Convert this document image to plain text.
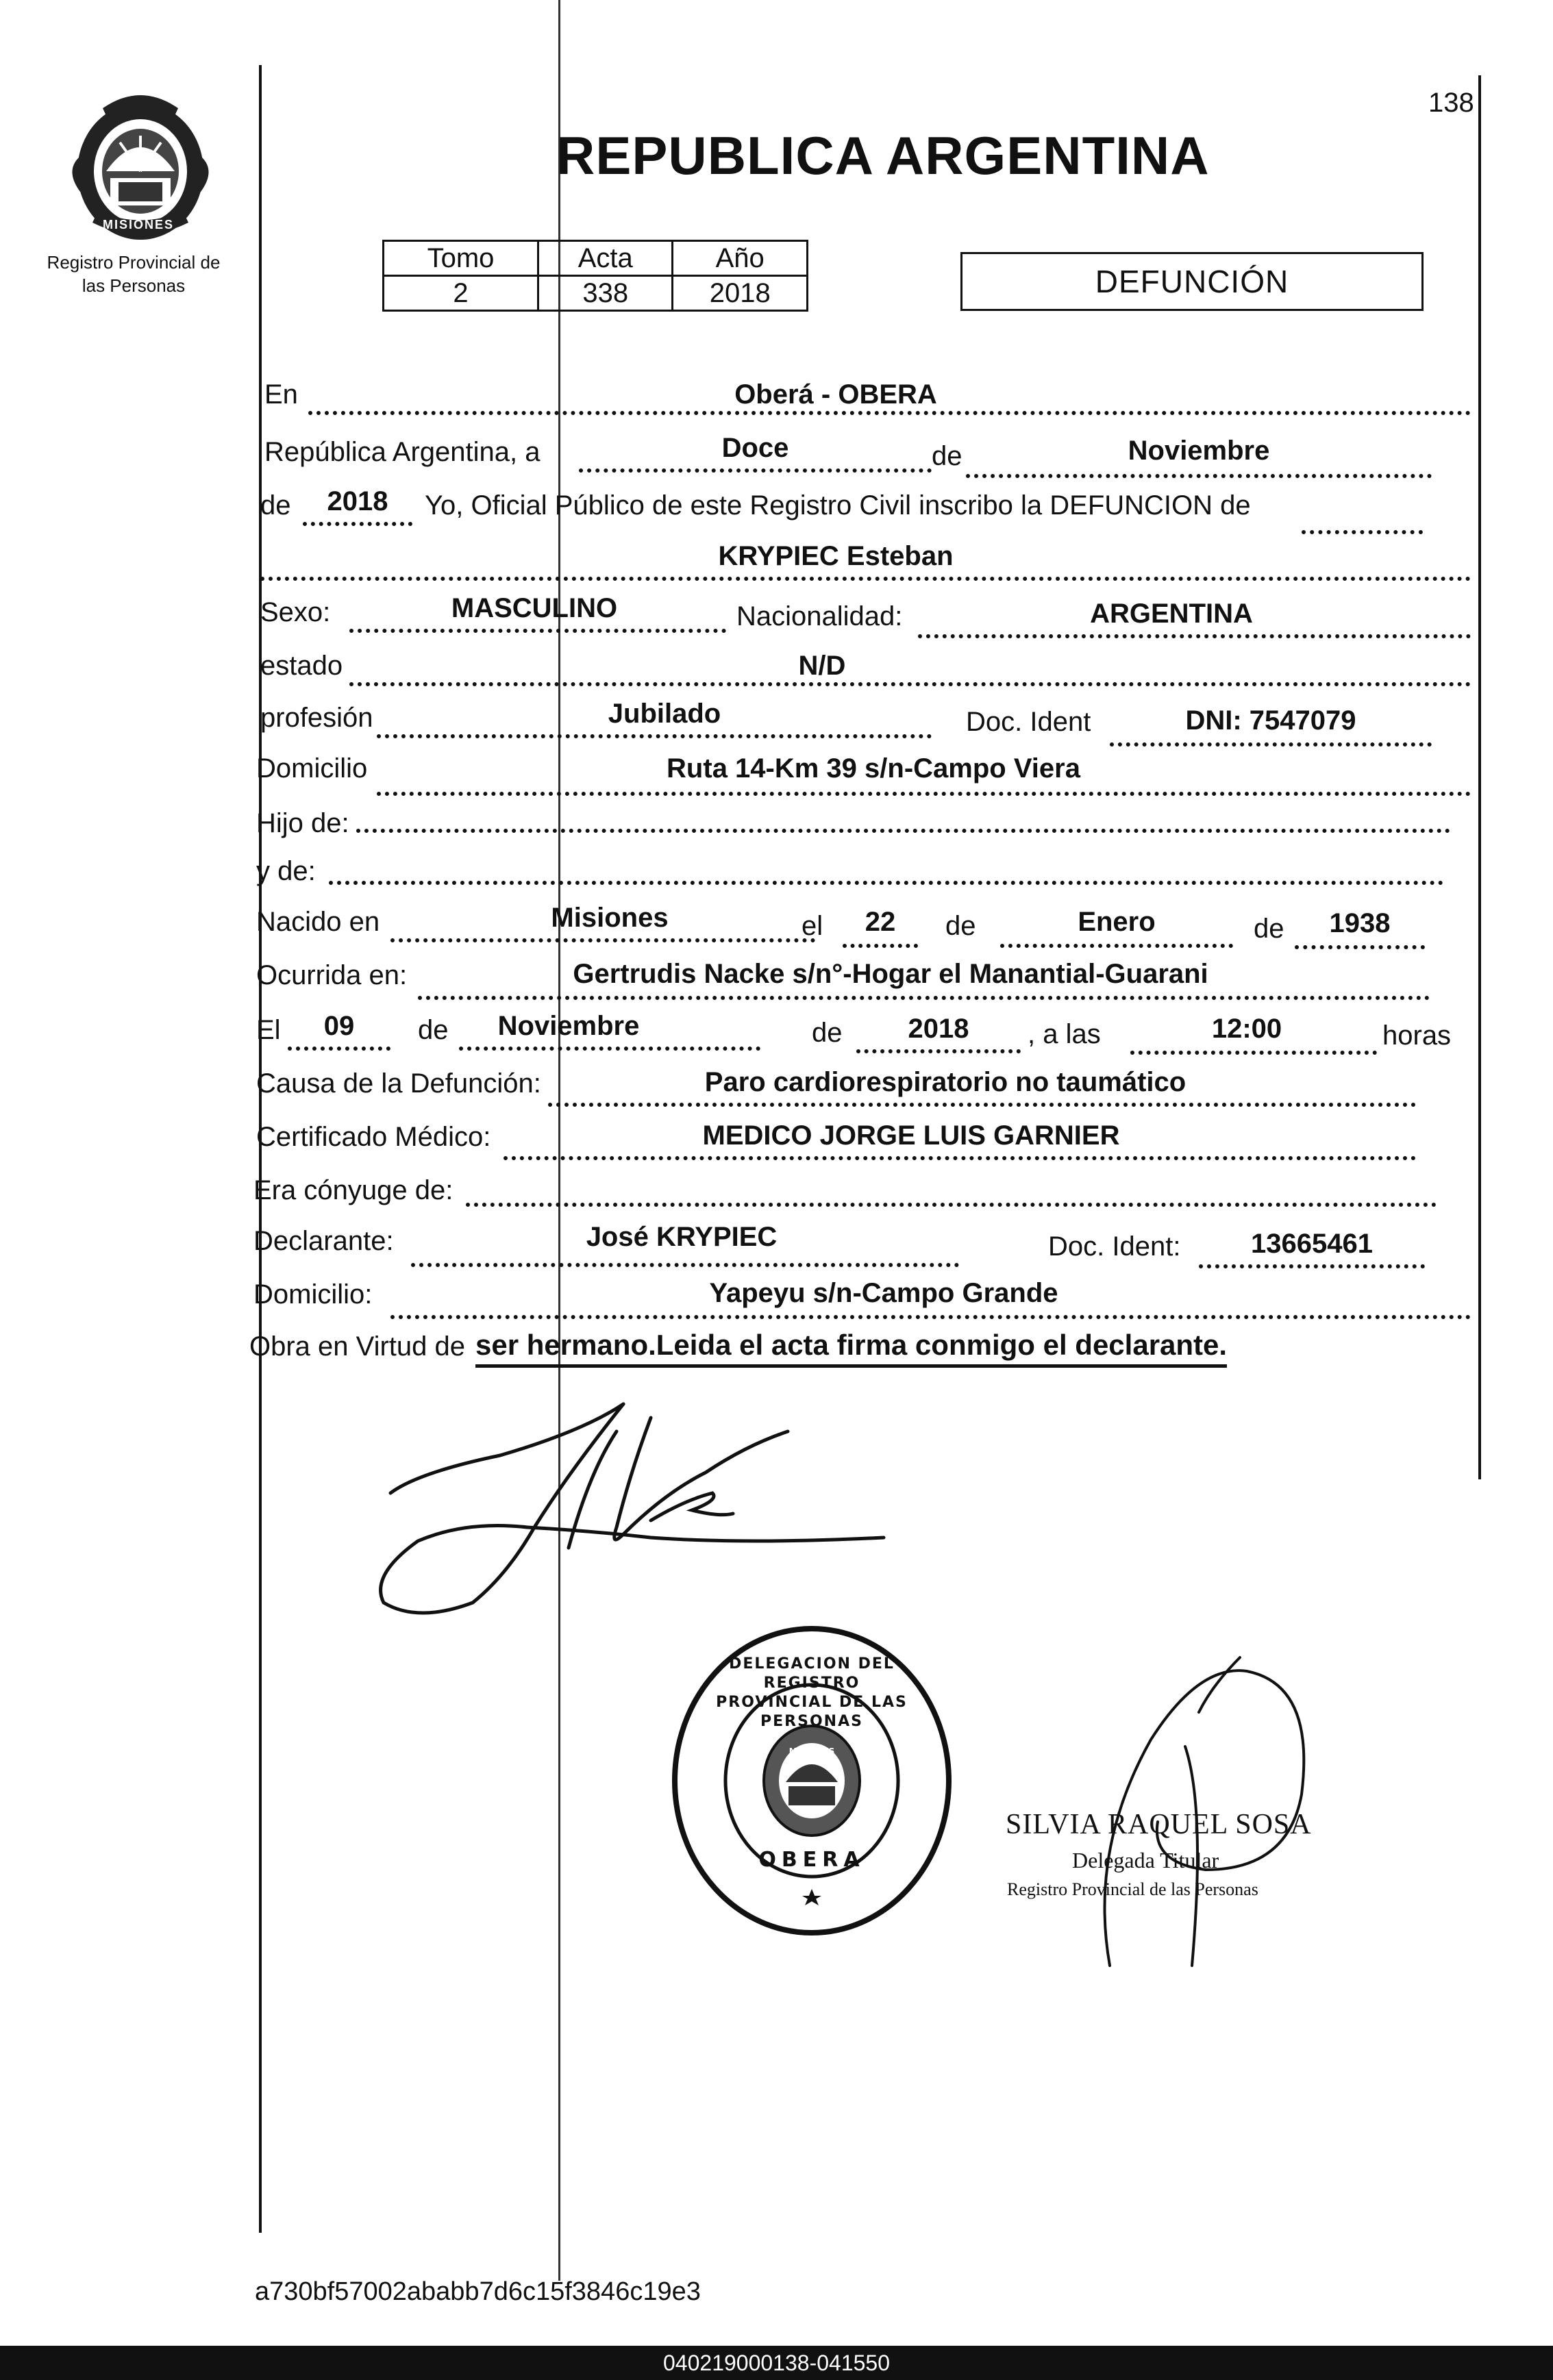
138
PROVINCIA DE
MISIONES
Registro Provincial de
las Personas
REPUBLICA ARGENTINA
Tomo	Acta	Año
2	338	2018	DEFUNCIÓN
En	Oberá - OBERA
República Argentina, a	Doce	de	Noviembre
de	2018	Yo, Oficial Público de este Registro Civil inscribo la DEFUNCION de
KRYPIEC Esteban
Sexo:	MASCULINO	Nacionalidad:	ARGENTINA
estado	N/D
profesión	Jubilado	Doc. Ident	DNI: 7547079
Domicilio	Ruta 14-Km 39 s/n-Campo Viera
Hijo de:
y de:
Nacido en	Misiones	el	22	de	Enero	de	1938
Ocurrida en:	Gertrudis Nacke s/n°-Hogar el Manantial-Guarani
El	09	de	Noviembre	de	2018	, a las	12:00	horas
Causa de la Defunción:	Paro cardiorespiratorio no taumático
Certificado Médico:	MEDICO JORGE LUIS GARNIER
Era cónyuge de:
Declarante:	José KRYPIEC	Doc. Ident:	13665461
Domicilio:	Yapeyu s/n-Campo Grande
Obra en Virtud de ser hermano.Leida el acta firma conmigo el declarante.
DELEGACION DEL REGISTRO PROVINCIAL DE LAS PERSONAS
MISIONES
OBERA
SILVIA RAQUEL SOSA
Delegada Titular
Registro Provincial de las Personas
a730bf57002ababb7d6c15f3846c19e3
040219000138-041550
